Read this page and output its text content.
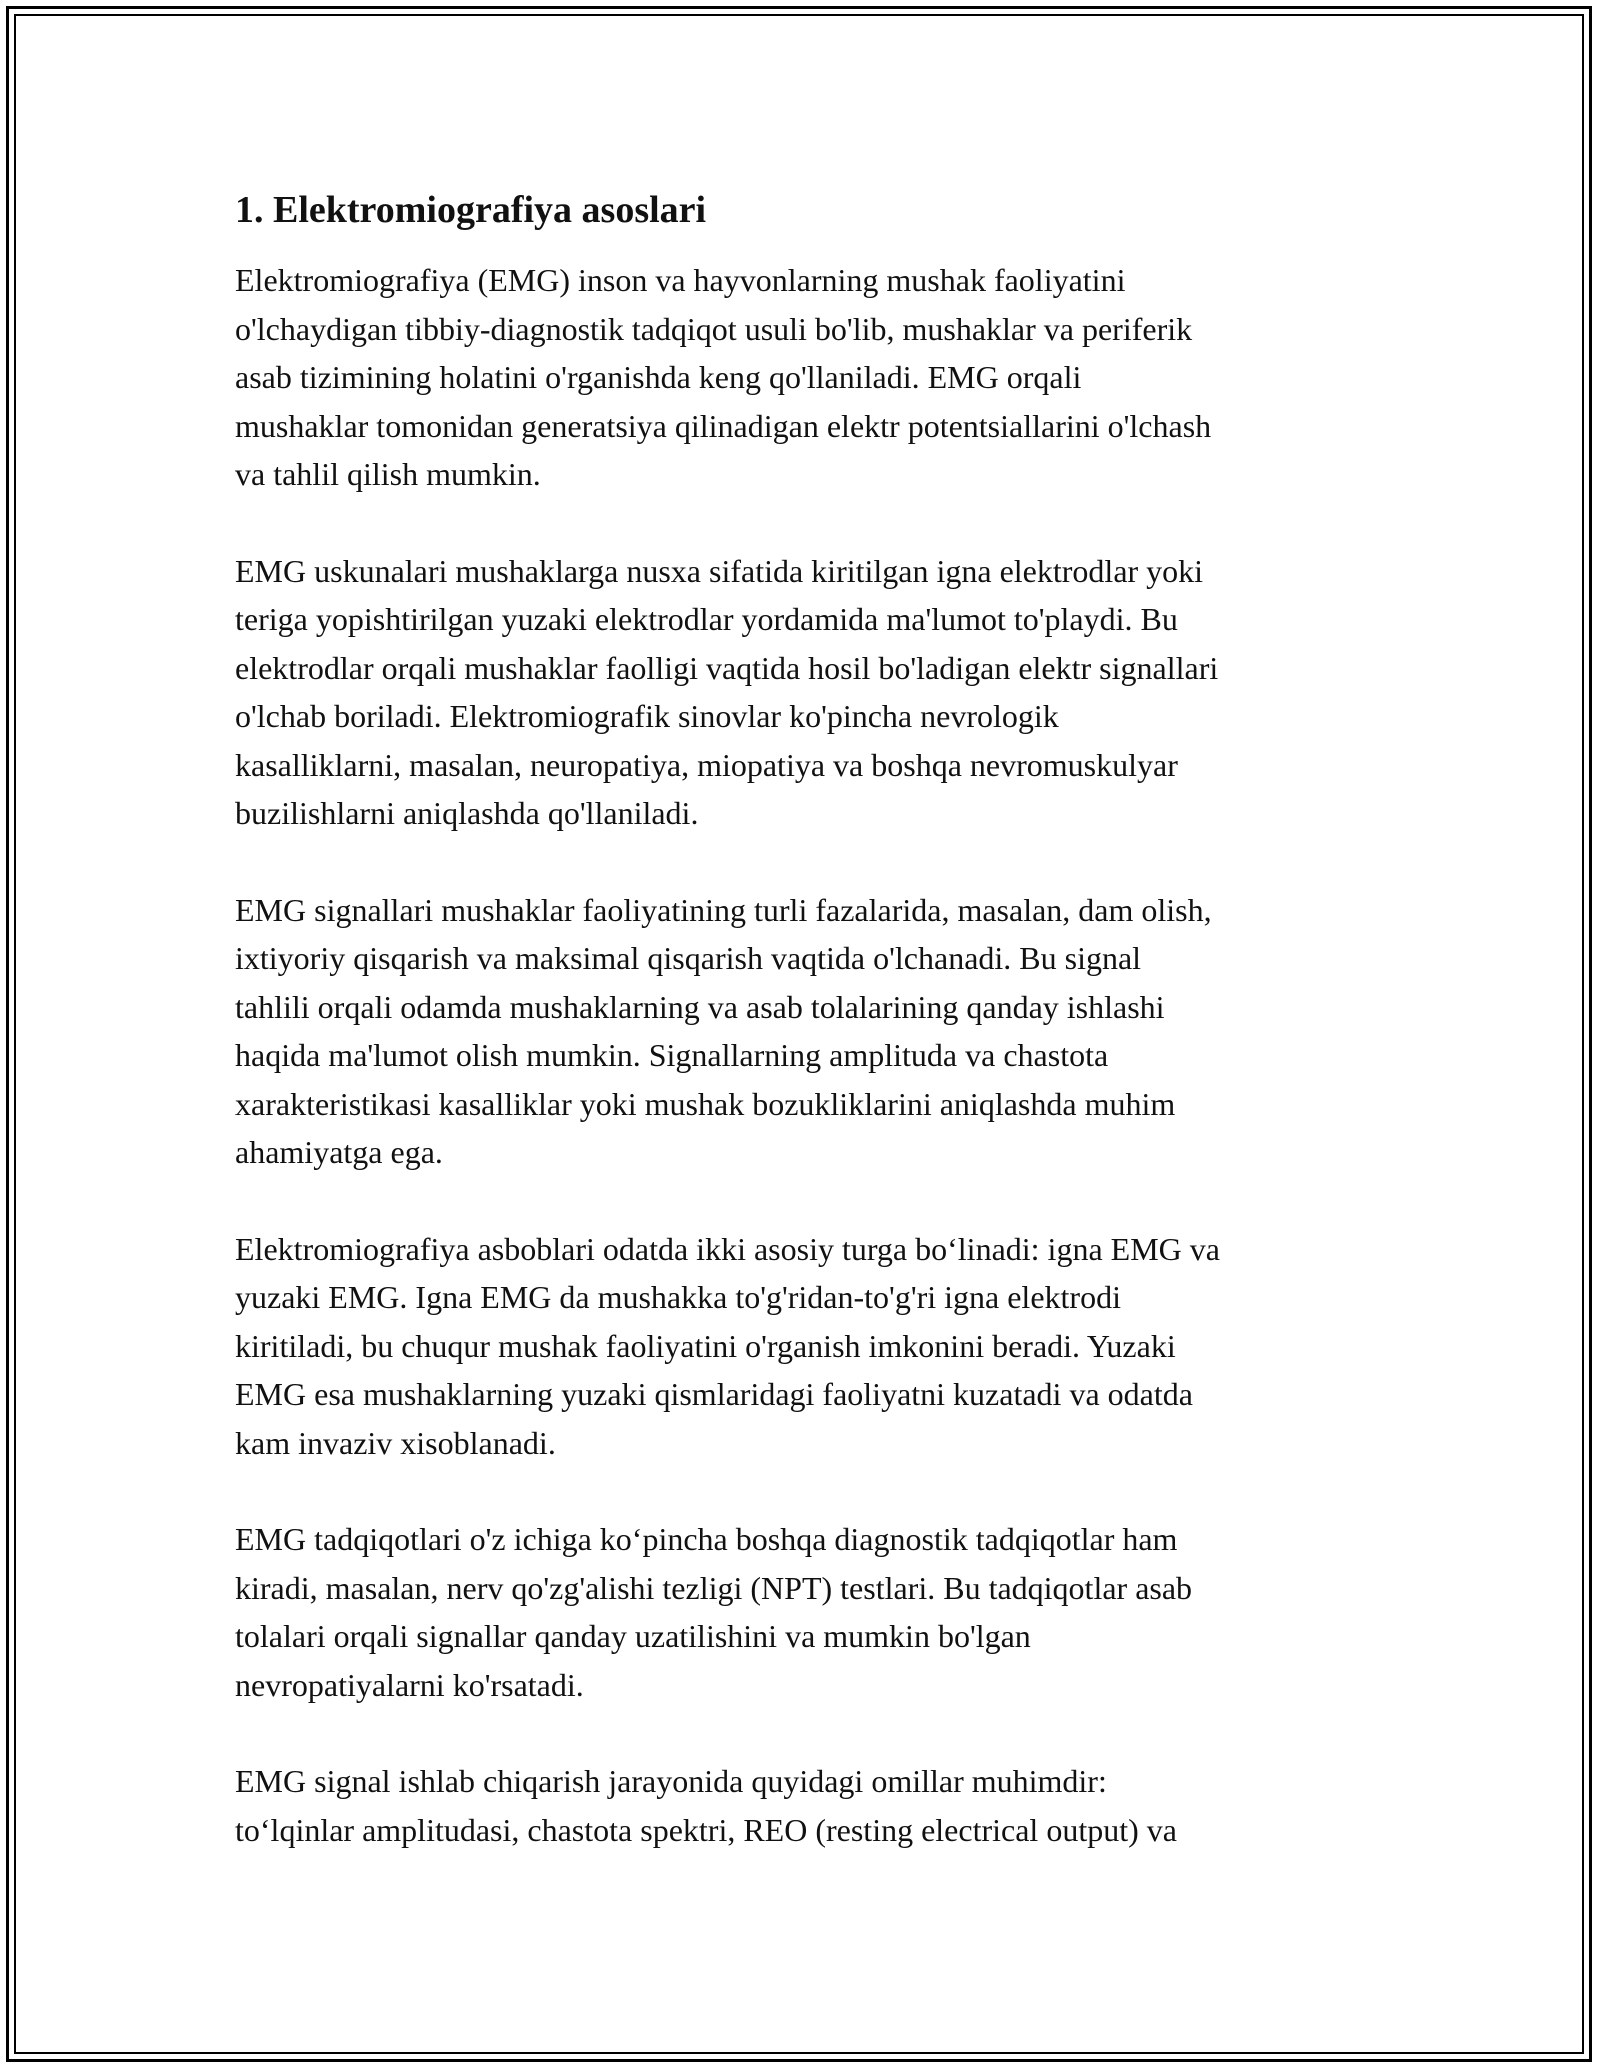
1. Elektromiografiya asoslari

Elektromiografiya (EMG) inson va hayvonlarning mushak faoliyatini
o'lchaydigan tibbiy-diagnostik tadqiqot usuli bo'lib, mushaklar va periferik
asab tizimining holatini o'rganishda keng qo'llaniladi. EMG orqali
mushaklar tomonidan generatsiya qilinadigan elektr potentsiallarini o'lchash
va tahlil qilish mumkin.

EMG uskunalari mushaklarga nusxa sifatida kiritilgan igna elektrodlar yoki
teriga yopishtirilgan yuzaki elektrodlar yordamida ma'lumot to'playdi. Bu
elektrodlar orqali mushaklar faolligi vaqtida hosil bo'ladigan elektr signallari
o'lchab boriladi. Elektromiografik sinovlar ko'pincha nevrologik
kasalliklarni, masalan, neuropatiya, miopatiya va boshqa nevromuskulyar
buzilishlarni aniqlashda qo'llaniladi.

EMG signallari mushaklar faoliyatining turli fazalarida, masalan, dam olish,
ixtiyoriy qisqarish va maksimal qisqarish vaqtida o'lchanadi. Bu signal
tahlili orqali odamda mushaklarning va asab tolalarining qanday ishlashi
haqida ma'lumot olish mumkin. Signallarning amplituda va chastota
xarakteristikasi kasalliklar yoki mushak bozukliklarini aniqlashda muhim
ahamiyatga ega.

Elektromiografiya asboblari odatda ikki asosiy turga bo‘linadi: igna EMG va
yuzaki EMG. Igna EMG da mushakka to'g'ridan-to'g'ri igna elektrodi
kiritiladi, bu chuqur mushak faoliyatini o'rganish imkonini beradi. Yuzaki
EMG esa mushaklarning yuzaki qismlaridagi faoliyatni kuzatadi va odatda
kam invaziv xisoblanadi.

EMG tadqiqotlari o'z ichiga ko‘pincha boshqa diagnostik tadqiqotlar ham
kiradi, masalan, nerv qo'zg'alishi tezligi (NPT) testlari. Bu tadqiqotlar asab
tolalari orqali signallar qanday uzatilishini va mumkin bo'lgan
nevropatiyalarni ko'rsatadi.

EMG signal ishlab chiqarish jarayonida quyidagi omillar muhimdir:
to‘lqinlar amplitudasi, chastota spektri, REO (resting electrical output) va
